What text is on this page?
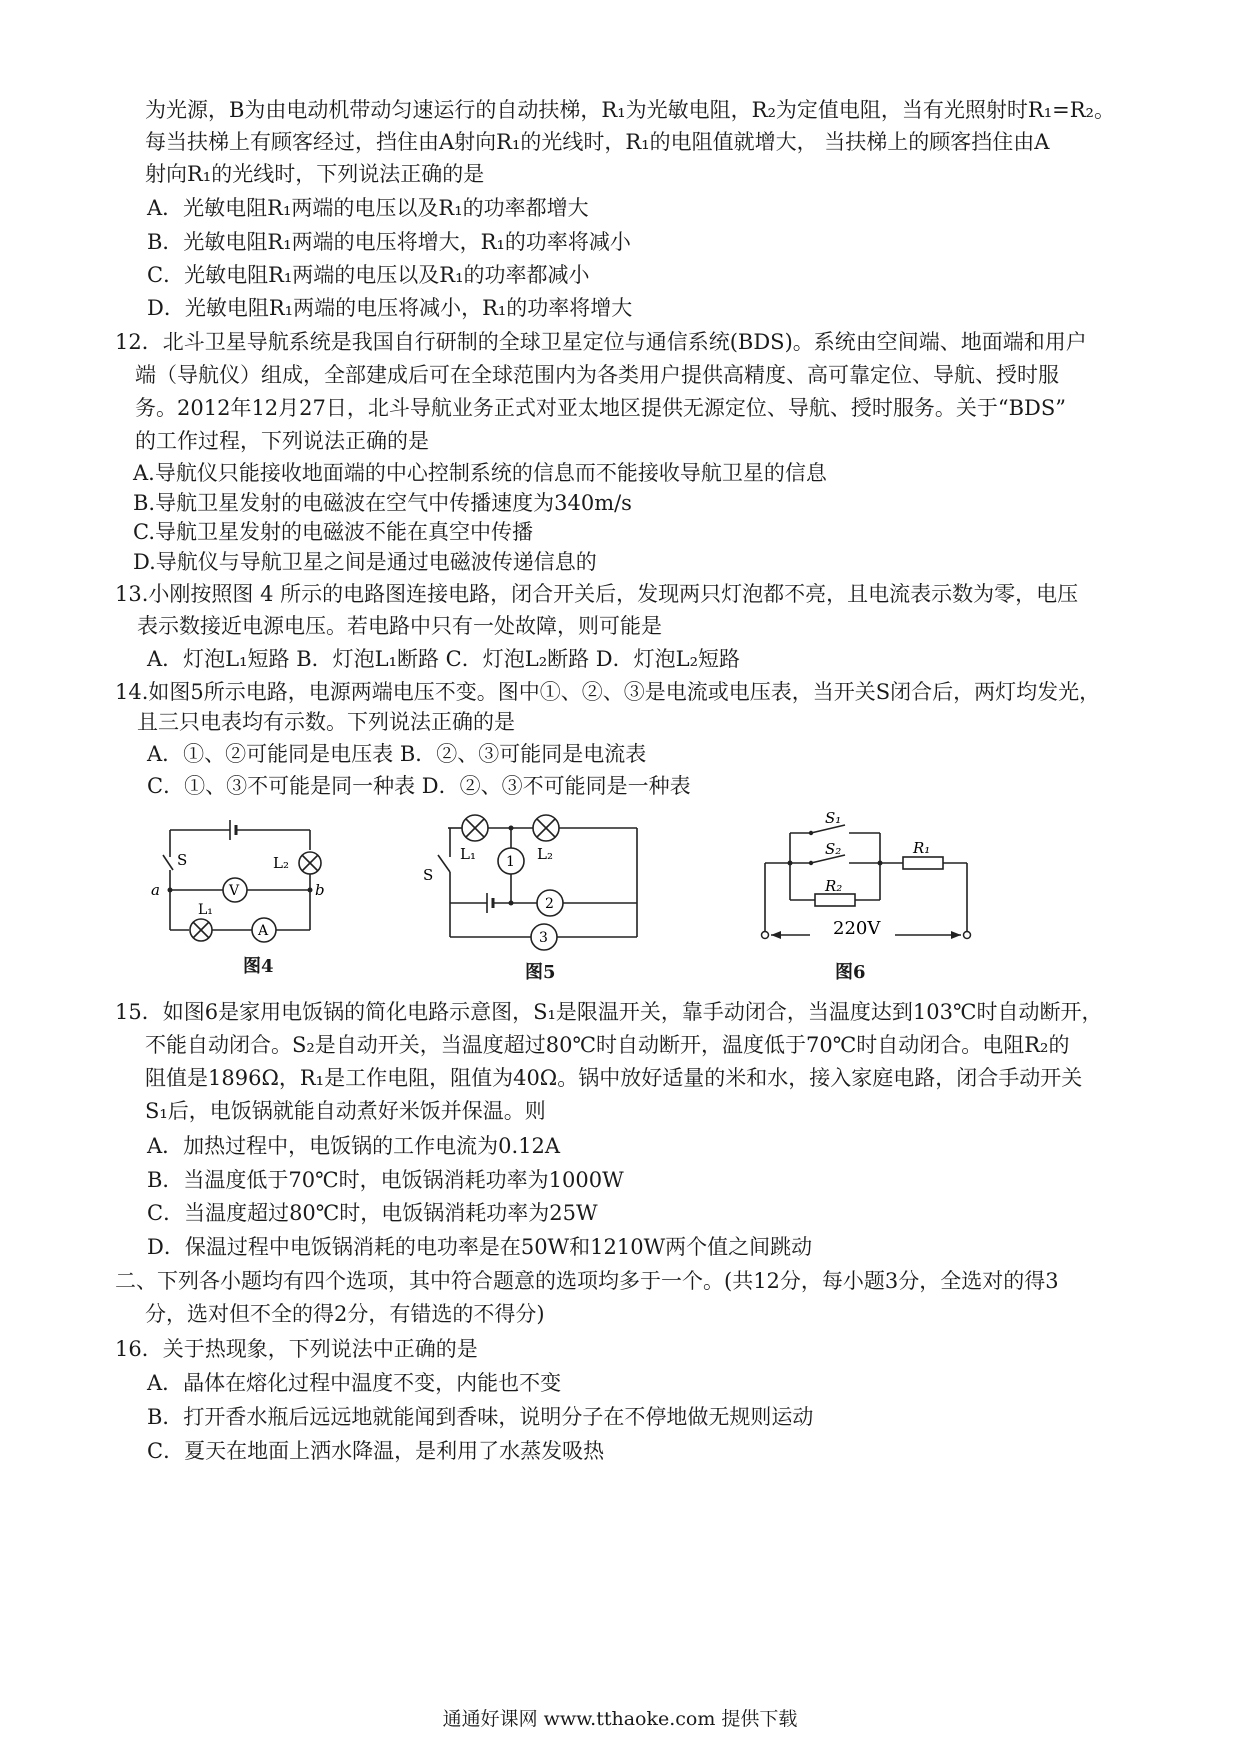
为光源，B为由电动机带动匀速运行的自动扶梯，R₁为光敏电阻，R₂为定值电阻，当有光照射时R₁=R₂。
每当扶梯上有顾客经过，挡住由A射向R₁的光线时，R₁的电阻值就增大， 当扶梯上的顾客挡住由A
射向R₁的光线时，下列说法正确的是
A．光敏电阻R₁两端的电压以及R₁的功率都增大
B．光敏电阻R₁两端的电压将增大，R₁的功率将减小
C．光敏电阻R₁两端的电压以及R₁的功率都减小
D．光敏电阻R₁两端的电压将减小，R₁的功率将增大
12．北斗卫星导航系统是我国自行研制的全球卫星定位与通信系统(BDS)。系统由空间端、地面端和用户
端（导航仪）组成，全部建成后可在全球范围内为各类用户提供高精度、高可靠定位、导航、授时服
务。2012年12月27日，北斗导航业务正式对亚太地区提供无源定位、导航、授时服务。关于“BDS”
的工作过程，下列说法正确的是
A.导航仪只能接收地面端的中心控制系统的信息而不能接收导航卫星的信息
B.导航卫星发射的电磁波在空气中传播速度为340m/s
C.导航卫星发射的电磁波不能在真空中传播
D.导航仪与导航卫星之间是通过电磁波传递信息的
13.小刚按照图 4 所示的电路图连接电路，闭合开关后，发现两只灯泡都不亮，且电流表示数为零，电压
表示数接近电源电压。若电路中只有一处故障，则可能是
A．灯泡L₁短路 B．灯泡L₁断路 C．灯泡L₂断路 D．灯泡L₂短路
14.如图5所示电路，电源两端电压不变。图中①、②、③是电流或电压表，当开关S闭合后，两灯均发光，
且三只电表均有示数。下列说法正确的是
A．①、②可能同是电压表 B．②、③可能同是电流表
C．①、③不可能是同一种表 D．②、③不可能同是一种表
S	L₂
V
a	b
L₁
A
图4
L₁	L₂
S
1
2
3
图5
220V
图6
15．如图6是家用电饭锅的简化电路示意图，S₁是限温开关，靠手动闭合，当温度达到103℃时自动断开，
不能自动闭合。S₂是自动开关，当温度超过80℃时自动断开，温度低于70℃时自动闭合。电阻R₂的
阻值是1896Ω，R₁是工作电阻，阻值为40Ω。锅中放好适量的米和水，接入家庭电路，闭合手动开关
S₁后，电饭锅就能自动煮好米饭并保温。则
A．加热过程中，电饭锅的工作电流为0.12A
B．当温度低于70℃时，电饭锅消耗功率为1000W
C．当温度超过80℃时，电饭锅消耗功率为25W
D．保温过程中电饭锅消耗的电功率是在50W和1210W两个值之间跳动
二、下列各小题均有四个选项，其中符合题意的选项均多于一个。(共12分，每小题3分，全选对的得3
分，选对但不全的得2分，有错选的不得分)
16．关于热现象，下列说法中正确的是
A．晶体在熔化过程中温度不变，内能也不变
B．打开香水瓶后远远地就能闻到香味，说明分子在不停地做无规则运动
C．夏天在地面上洒水降温，是利用了水蒸发吸热
通通好课网 www.tthaoke.com 提供下载
S₁
S₂
R₂
R₁
